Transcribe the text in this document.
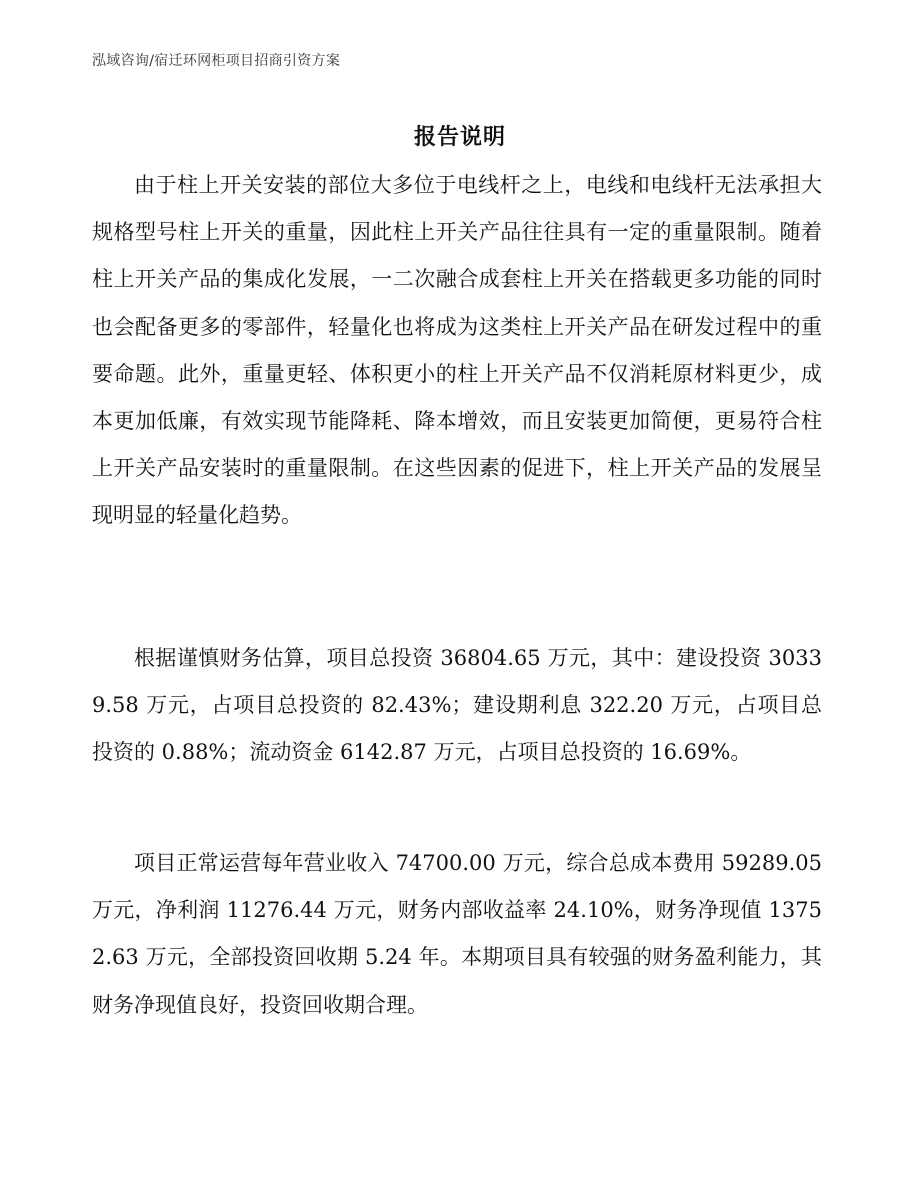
泓域咨询/宿迁环网柜项目招商引资方案
报告说明

由于柱上开关安装的部位大多位于电线杆之上，电线和电线杆无法承担大规格型号柱上开关的重量，因此柱上开关产品往往具有一定的重量限制。随着柱上开关产品的集成化发展，一二次融合成套柱上开关在搭载更多功能的同时也会配备更多的零部件，轻量化也将成为这类柱上开关产品在研发过程中的重要命题。此外，重量更轻、体积更小的柱上开关产品不仅消耗原材料更少，成本更加低廉，有效实现节能降耗、降本增效，而且安装更加简便，更易符合柱上开关产品安装时的重量限制。在这些因素的促进下，柱上开关产品的发展呈现明显的轻量化趋势。

根据谨慎财务估算，项目总投资 36804.65 万元，其中：建设投资 30339.58 万元，占项目总投资的 82.43%；建设期利息 322.20 万元，占项目总投资的 0.88%；流动资金 6142.87 万元，占项目总投资的 16.69%。

项目正常运营每年营业收入 74700.00 万元，综合总成本费用 59289.05 万元，净利润 11276.44 万元，财务内部收益率 24.10%，财务净现值 13752.63 万元，全部投资回收期 5.24 年。本期项目具有较强的财务盈利能力，其财务净现值良好，投资回收期合理。
